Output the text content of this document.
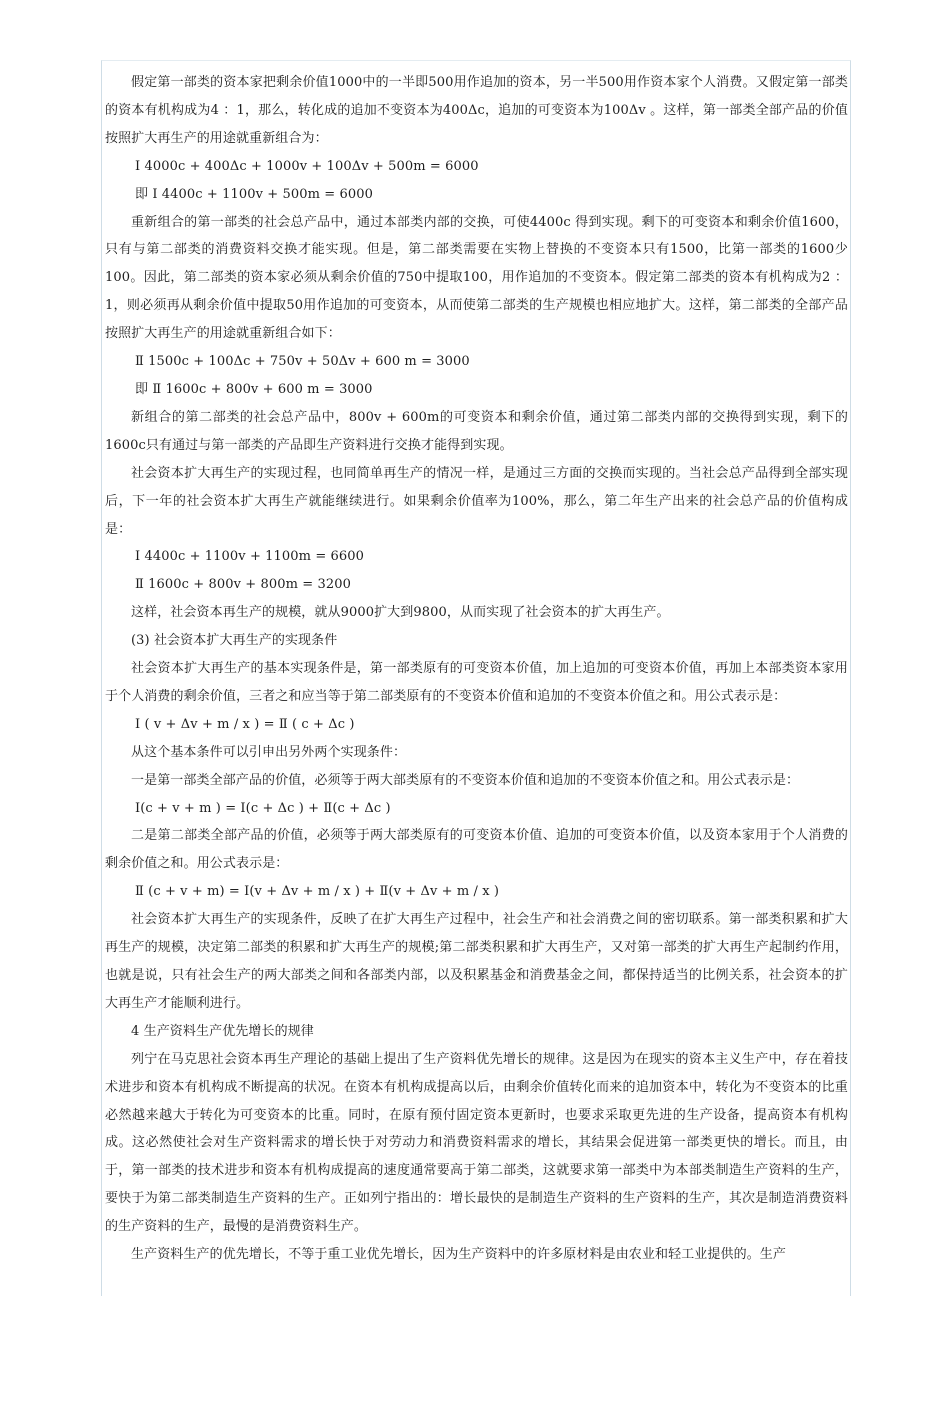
假定第一部类的资本家把剩余价值1000中的一半即500用作追加的资本，另一半500用作资本家个人消费。又假定第一部类的资本有机构成为4 ：1，那么，转化成的追加不变资本为400Δc，追加的可变资本为100Δv 。这样，第一部类全部产品的价值按照扩大再生产的用途就重新组合为：

Ⅰ 4000c + 400Δc + 1000v + 100Δv + 500m = 6000

即 Ⅰ 4400c + 1100v + 500m = 6000

重新组合的第一部类的社会总产品中，通过本部类内部的交换，可使4400c 得到实现。剩下的可变资本和剩余价值1600，只有与第二部类的消费资料交换才能实现。但是，第二部类需要在实物上替换的不变资本只有1500，比第一部类的1600少100。因此，第二部类的资本家必须从剩余价值的750中提取100，用作追加的不变资本。假定第二部类的资本有机构成为2 ：1，则必须再从剩余价值中提取50用作追加的可变资本，从而使第二部类的生产规模也相应地扩大。这样，第二部类的全部产品按照扩大再生产的用途就重新组合如下：

Ⅱ 1500c + 100Δc + 750v + 50Δv + 600 m = 3000

即 Ⅱ 1600c + 800v + 600 m = 3000

新组合的第二部类的社会总产品中，800v + 600m的可变资本和剩余价值，通过第二部类内部的交换得到实现，剩下的1600c只有通过与第一部类的产品即生产资料进行交换才能得到实现。

社会资本扩大再生产的实现过程，也同简单再生产的情况一样，是通过三方面的交换而实现的。当社会总产品得到全部实现后，下一年的社会资本扩大再生产就能继续进行。如果剩余价值率为100%，那么，第二年生产出来的社会总产品的价值构成是：

Ⅰ 4400c + 1100v + 1100m = 6600

Ⅱ 1600c + 800v + 800m = 3200

这样，社会资本再生产的规模，就从9000扩大到9800，从而实现了社会资本的扩大再生产。

(3) 社会资本扩大再生产的实现条件

社会资本扩大再生产的基本实现条件是，第一部类原有的可变资本价值，加上追加的可变资本价值，再加上本部类资本家用于个人消费的剩余价值，三者之和应当等于第二部类原有的不变资本价值和追加的不变资本价值之和。用公式表示是：

Ⅰ ( v + Δv + m / x ) = Ⅱ ( c + Δc )

从这个基本条件可以引申出另外两个实现条件：

一是第一部类全部产品的价值，必须等于两大部类原有的不变资本价值和追加的不变资本价值之和。用公式表示是：

Ⅰ(c + v + m ) = Ⅰ(c + Δc ) + Ⅱ(c + Δc )

二是第二部类全部产品的价值，必须等于两大部类原有的可变资本价值、追加的可变资本价值，以及资本家用于个人消费的剩余价值之和。用公式表示是：

Ⅱ (c + v + m) = Ⅰ(v + Δv + m / x ) + Ⅱ(v + Δv + m / x )

社会资本扩大再生产的实现条件，反映了在扩大再生产过程中，社会生产和社会消费之间的密切联系。第一部类积累和扩大再生产的规模，决定第二部类的积累和扩大再生产的规模;第二部类积累和扩大再生产，又对第一部类的扩大再生产起制约作用，也就是说，只有社会生产的两大部类之间和各部类内部，以及积累基金和消费基金之间，都保持适当的比例关系，社会资本的扩大再生产才能顺利进行。

4 生产资料生产优先增长的规律

列宁在马克思社会资本再生产理论的基础上提出了生产资料优先增长的规律。这是因为在现实的资本主义生产中，存在着技术进步和资本有机构成不断提高的状况。在资本有机构成提高以后，由剩余价值转化而来的追加资本中，转化为不变资本的比重必然越来越大于转化为可变资本的比重。同时，在原有预付固定资本更新时，也要求采取更先进的生产设备，提高资本有机构成。这必然使社会对生产资料需求的增长快于对劳动力和消费资料需求的增长，其结果会促进第一部类更快的增长。而且，由于，第一部类的技术进步和资本有机构成提高的速度通常要高于第二部类，这就要求第一部类中为本部类制造生产资料的生产，要快于为第二部类制造生产资料的生产。正如列宁指出的：增长最快的是制造生产资料的生产资料的生产，其次是制造消费资料的生产资料的生产，最慢的是消费资料生产。

生产资料生产的优先增长，不等于重工业优先增长，因为生产资料中的许多原材料是由农业和轻工业提供的。生产
